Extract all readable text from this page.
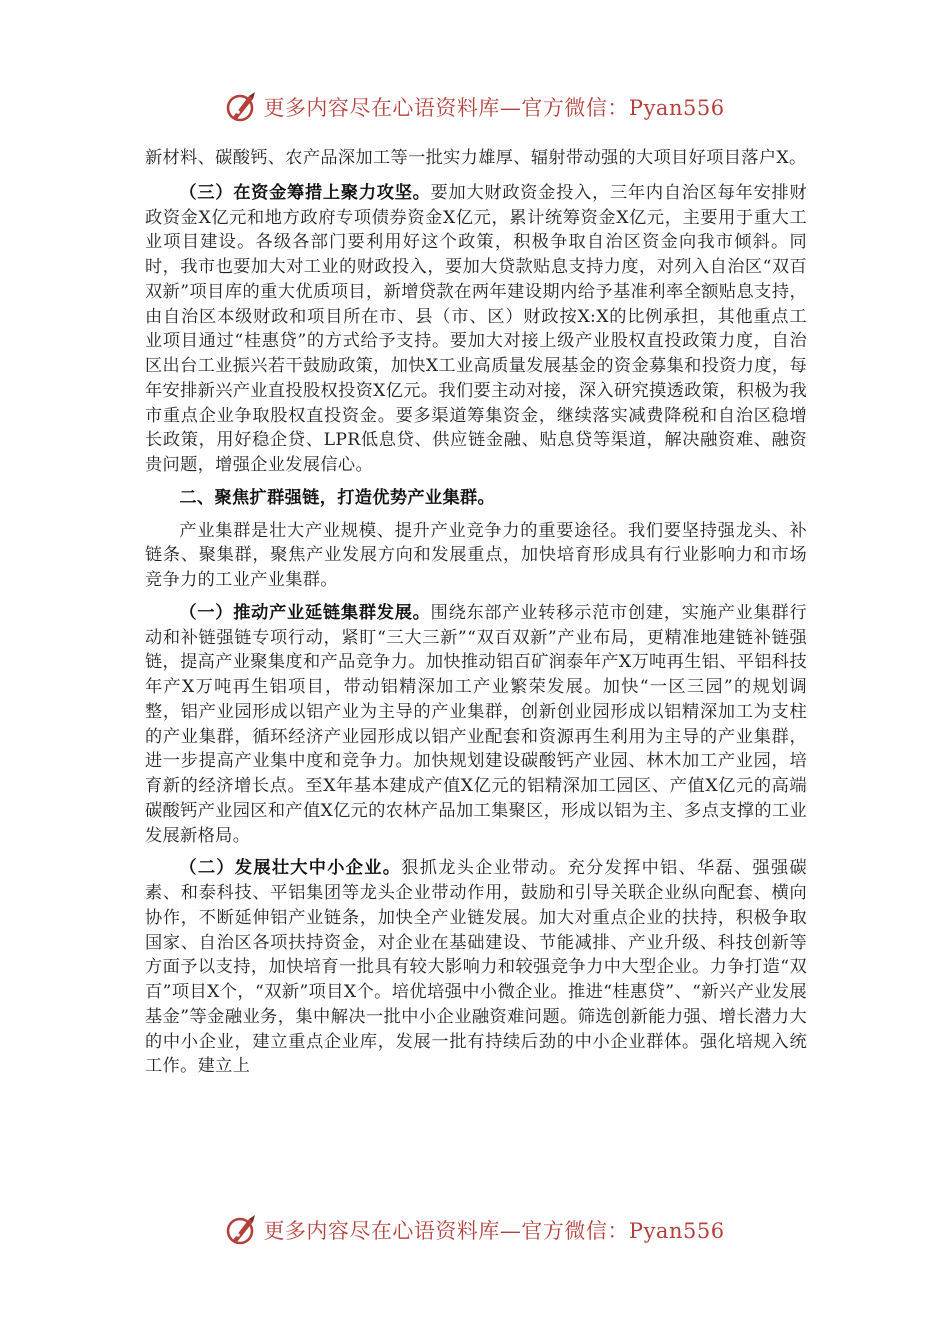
更多内容尽在心语资料库—官方微信：Pyan556

新材料、碳酸钙、农产品深加工等一批实力雄厚、辐射带动强的大项目好项目落户X。

（三）在资金筹措上聚力攻坚。要加大财政资金投入，三年内自治区每年安排财政资金X亿元和地方政府专项债券资金X亿元，累计统筹资金X亿元，主要用于重大工业项目建设。各级各部门要利用好这个政策，积极争取自治区资金向我市倾斜。同时，我市也要加大对工业的财政投入，要加大贷款贴息支持力度，对列入自治区“双百双新”项目库的重大优质项目，新增贷款在两年建设期内给予基准利率全额贴息支持，由自治区本级财政和项目所在市、县（市、区）财政按X:X的比例承担，其他重点工业项目通过“桂惠贷”的方式给予支持。要加大对接上级产业股权直投政策力度，自治区出台工业振兴若干鼓励政策，加快X工业高质量发展基金的资金募集和投资力度，每年安排新兴产业直投股权投资X亿元。我们要主动对接，深入研究摸透政策，积极为我市重点企业争取股权直投资金。要多渠道筹集资金，继续落实减费降税和自治区稳增长政策，用好稳企贷、LPR低息贷、供应链金融、贴息贷等渠道，解决融资难、融资贵问题，增强企业发展信心。

二、聚焦扩群强链，打造优势产业集群。

产业集群是壮大产业规模、提升产业竞争力的重要途径。我们要坚持强龙头、补链条、聚集群，聚焦产业发展方向和发展重点，加快培育形成具有行业影响力和市场竞争力的工业产业集群。

（一）推动产业延链集群发展。围绕东部产业转移示范市创建，实施产业集群行动和补链强链专项行动，紧盯“三大三新”“双百双新”产业布局，更精准地建链补链强链，提高产业聚集度和产品竞争力。加快推动铝百矿润泰年产X万吨再生铝、平铝科技年产X万吨再生铝项目，带动铝精深加工产业繁荣发展。加快“一区三园”的规划调整，铝产业园形成以铝产业为主导的产业集群，创新创业园形成以铝精深加工为支柱的产业集群，循环经济产业园形成以铝产业配套和资源再生利用为主导的产业集群，进一步提高产业集中度和竞争力。加快规划建设碳酸钙产业园、林木加工产业园，培育新的经济增长点。至X年基本建成产值X亿元的铝精深加工园区、产值X亿元的高端碳酸钙产业园区和产值X亿元的农林产品加工集聚区，形成以铝为主、多点支撑的工业发展新格局。

（二）发展壮大中小企业。狠抓龙头企业带动。充分发挥中铝、华磊、强强碳素、和泰科技、平铝集团等龙头企业带动作用，鼓励和引导关联企业纵向配套、横向协作，不断延伸铝产业链条，加快全产业链发展。加大对重点企业的扶持，积极争取国家、自治区各项扶持资金，对企业在基础建设、节能减排、产业升级、科技创新等方面予以支持，加快培育一批具有较大影响力和较强竞争力中大型企业。力争打造“双百”项目X个，“双新”项目X个。培优培强中小微企业。推进“桂惠贷”、“新兴产业发展基金”等金融业务，集中解决一批中小企业融资难问题。筛选创新能力强、增长潜力大的中小企业，建立重点企业库，发展一批有持续后劲的中小企业群体。强化培规入统工作。建立上

更多内容尽在心语资料库—官方微信：Pyan556
